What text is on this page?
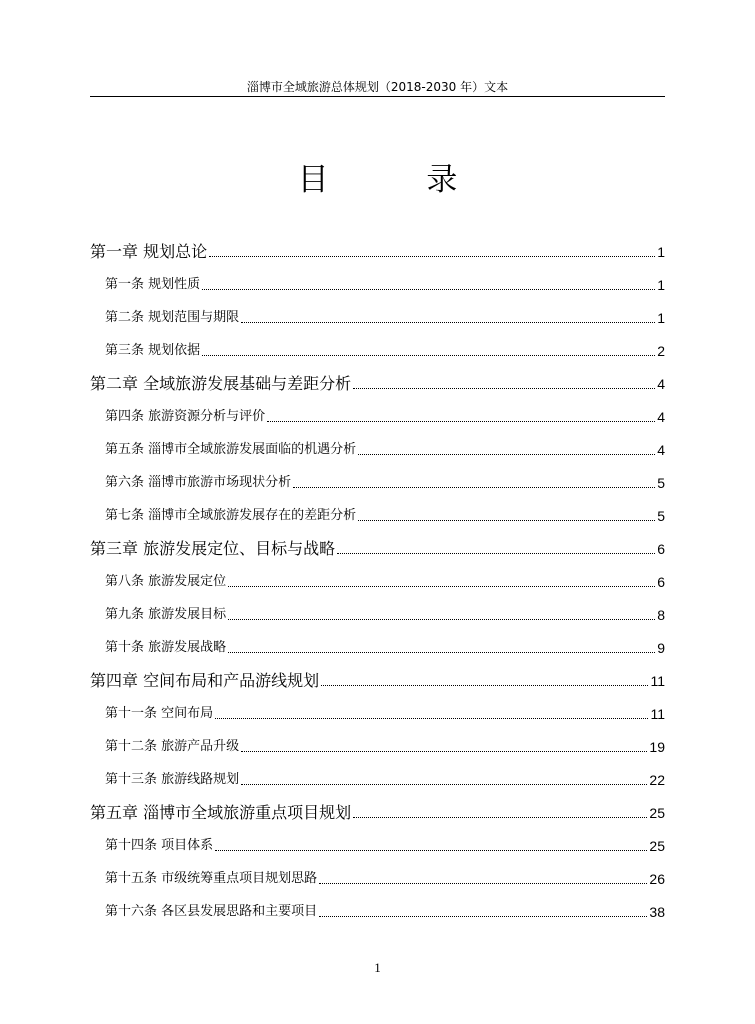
淄博市全域旅游总体规划（2018-2030 年）文本
目 录
第一章 规划总论	1
第一条 规划性质	1
第二条 规划范围与期限	1
第三条 规划依据	2
第二章 全域旅游发展基础与差距分析	4
第四条 旅游资源分析与评价	4
第五条 淄博市全域旅游发展面临的机遇分析	4
第六条 淄博市旅游市场现状分析	5
第七条 淄博市全域旅游发展存在的差距分析	5
第三章 旅游发展定位、目标与战略	6
第八条 旅游发展定位	6
第九条 旅游发展目标	8
第十条 旅游发展战略	9
第四章 空间布局和产品游线规划	11
第十一条 空间布局	11
第十二条 旅游产品升级	19
第十三条 旅游线路规划	22
第五章 淄博市全域旅游重点项目规划	25
第十四条 项目体系	25
第十五条 市级统筹重点项目规划思路	26
第十六条 各区县发展思路和主要项目	38
1
